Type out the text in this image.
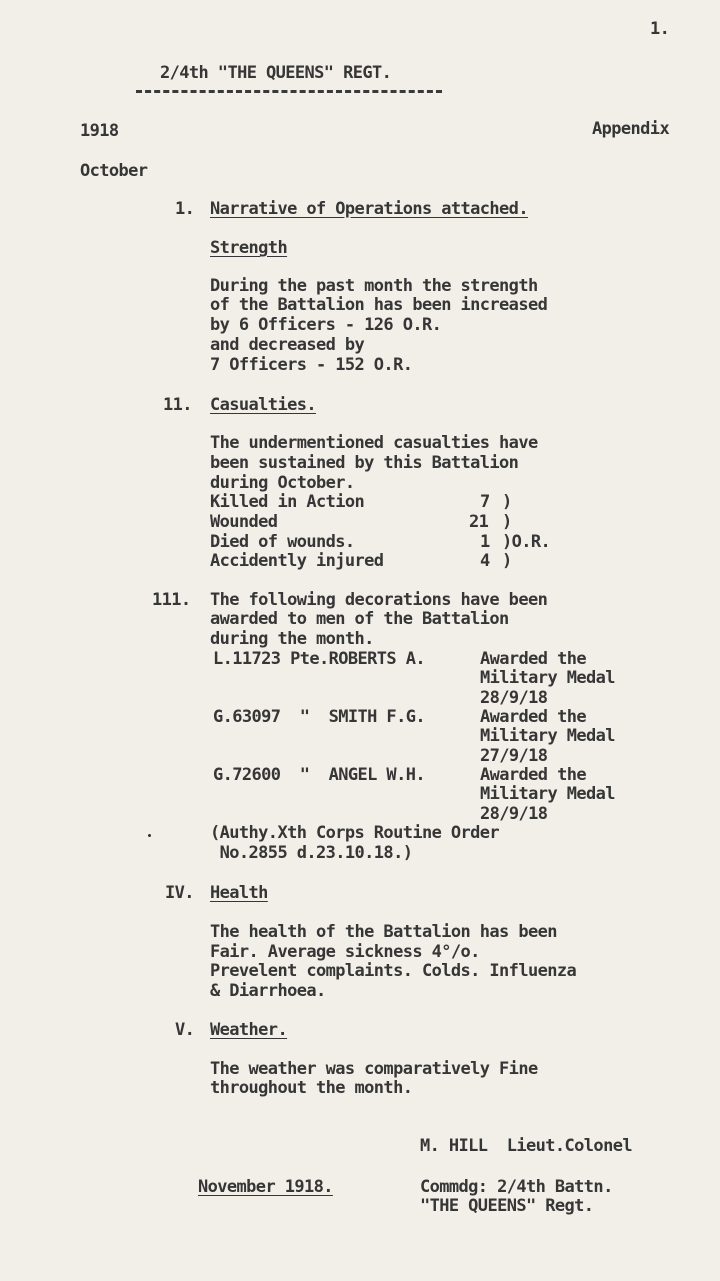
1.
2/4th "THE QUEENS" REGT.
1918	Appendix
October
1. Narrative of Operations attached.
Strength
During the past month the strength
of the Battalion has been increased
by 6 Officers - 126 O.R.
and decreased by
7 Officers - 152 O.R.
11. Casualties.
The undermentioned casualties have
been sustained by this Battalion
during October.
Killed in Action	7 )
Wounded	21 )
Died of wounds.	1 )O.R.
Accidently injured	4 )
111. The following decorations have been
awarded to men of the Battalion
during the month.
L.11723 Pte.ROBERTS A.	Awarded the
Military Medal
28/9/18
G.63097  "  SMITH F.G.	Awarded the
Military Medal
27/9/18
G.72600  "  ANGEL W.H.	Awarded the
Military Medal
28/9/18
(Authy.Xth Corps Routine Order
No.2855 d.23.10.18.)
IV. Health
The health of the Battalion has been
Fair. Average sickness 4°/o.
Prevelent complaints. Colds. Influenza
& Diarrhoea.
V. Weather.
The weather was comparatively Fine
throughout the month.
M. HILL  Lieut.Colonel
November 1918.	Commdg: 2/4th Battn.
"THE QUEENS" Regt.
